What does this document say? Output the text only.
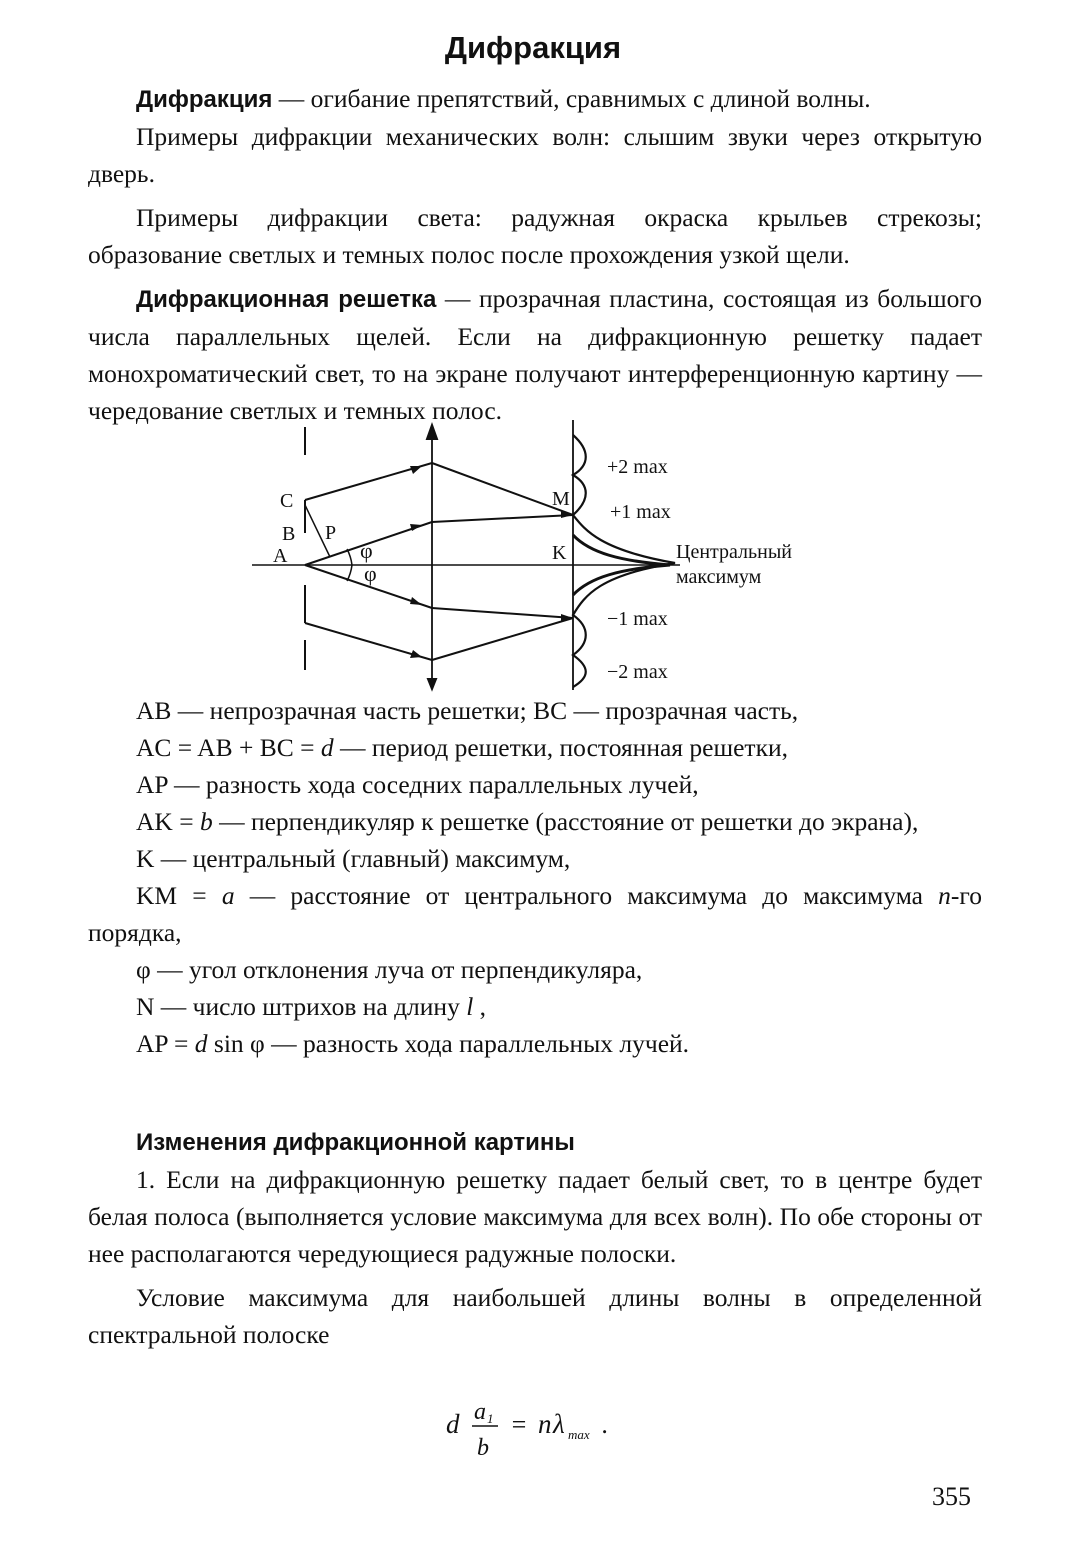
Дифракция

Дифракция — огибание препятствий, сравнимых с длиной волны.

Примеры дифракции механических волн: слышим звуки через открытую дверь.

Примеры дифракции света: радужная окраска крыльев стрекозы; образование светлых и темных полос после прохождения узкой щели.

Дифракционная решетка — прозрачная пластина, состоящая из большого числа параллельных щелей. Если на дифракционную решетку падает монохроматический свет, то на экране получают интерференционную картину — чередование светлых и темных полос.

C
B
A
P
M
K
φ
φ
+2 max
+1 max
Центральный
максимум
−1 max
−2 max

AB — непрозрачная часть решетки; BC — прозрачная часть,

AC = AB + BC = d — период решетки, постоянная решетки,

AP — разность хода соседних параллельных лучей,

AK = b — перпендикуляр к решетке (расстояние от решетки до экрана),

K — центральный (главный) максимум,

KM = a — расстояние от центрального максимума до максимума n-го порядка,

φ — угол отклонения луча от перпендикуляра,

N — число штрихов на длину l ,

AP = d sin φ — разность хода параллельных лучей.

Изменения дифракционной картины

1. Если на дифракционную решетку падает белый свет, то в центре будет белая полоса (выполняется условие максимума для всех волн). По обе стороны от нее располагаются чередующиеся радужные полоски.

Условие максимума для наибольшей длины волны в определенной спектральной полоске

d a 1
b
= n λ max .
355
